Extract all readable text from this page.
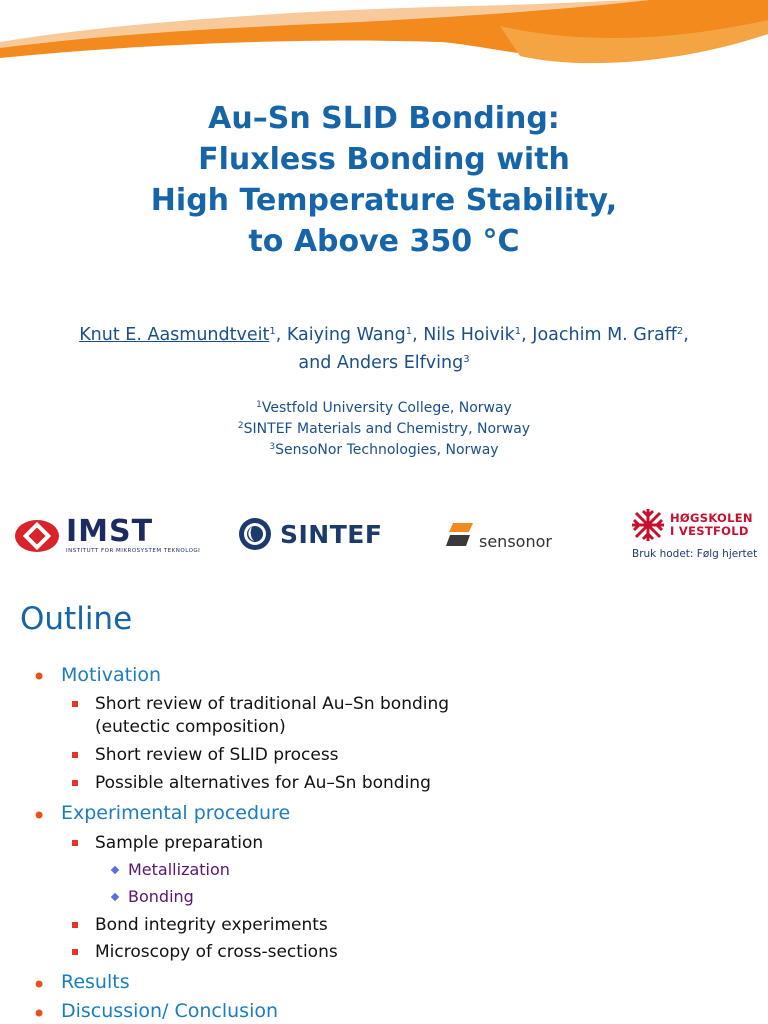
Au–Sn SLID Bonding:
Fluxless Bonding with
High Temperature Stability,
to Above 350 °C
Knut E. Aasmundtveit$^1$, Kaiying Wang$^1$, Nils Hoivik$^1$, Joachim M. Graff$^2$,
and Anders Elfving$^3$
$^1$Vestfold University College, Norway
$^2$SINTEF Materials and Chemistry, Norway
$^3$SensoNor Technologies, Norway
IMST
INSTITUTT FOR MIKROSYSTEM TEKNOLOGI
SINTEF	sensonor
HØGSKOLEN
I VESTFOLD
Bruk hodet: Følg hjertet
Outline
• Motivation
Short review of traditional Au–Sn bonding
(eutectic composition)
Short review of SLID process
Possible alternatives for Au–Sn bonding
• Experimental procedure
Sample preparation
Metallization
Bonding
Bond integrity experiments
Microscopy of cross-sections
• Results
• Discussion/ Conclusion
